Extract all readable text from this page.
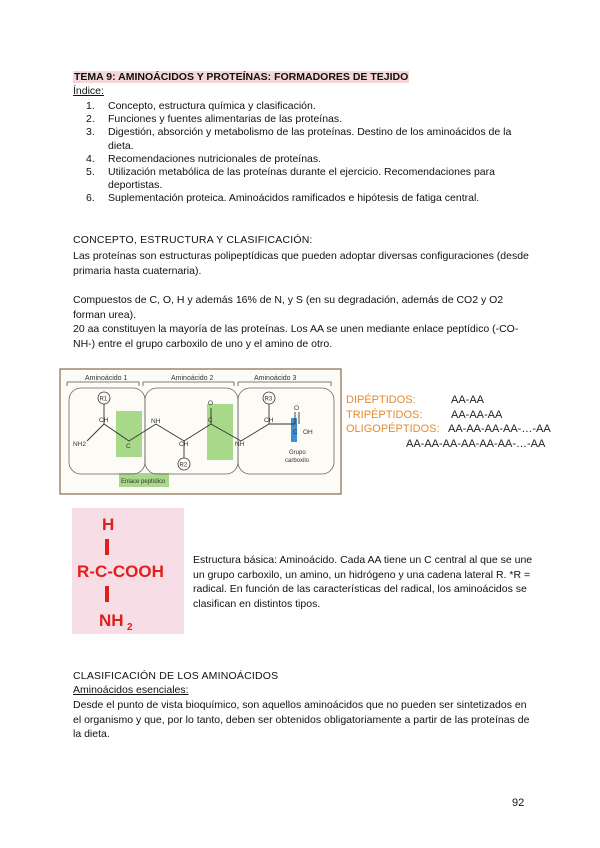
TEMA 9: AMINOÁCIDOS Y PROTEÍNAS: FORMADORES DE TEJIDO
Índice:
1.	Concepto, estructura química y clasificación.
2.	Funciones y fuentes alimentarias de las proteínas.
3.	Digestión, absorción y metabolismo de las proteínas. Destino de los aminoácidos de la dieta.
4.	Recomendaciones nutricionales de proteínas.
5.	Utilización metabólica de las proteínas durante el ejercicio. Recomendaciones para deportistas.
6.	Suplementación proteica. Aminoácidos ramificados e hipótesis de fatiga central.
CONCEPTO, ESTRUCTURA Y CLASIFICACIÓN:

Las proteínas son estructuras polipeptídicas que pueden adoptar diversas configuraciones (desde primaria hasta cuaternaria).

Compuestos de C, O, H y además 16% de N, y S (en su degradación, además de CO2 y O2 forman urea).

20 aa constituyen la mayoría de las proteínas. Los AA se unen mediante enlace peptídico (-CO-NH-) entre el grupo carboxilo de uno y el amino de otro.

Aminoácido 1	Aminoácido 2	Aminoácido 3
R1
R2
R3
NH2
CH
C
NH
CH
O
C
NH
CH
O
C OH
Grupo
carboxilo
Enlace peptídico
DIPÉPTIDOS:	AA-AA
TRIPÉPTIDOS:	AA-AA-AA
OLIGOPÉPTIDOS: AA-AA-AA-AA-…-AA
AA-AA-AA-AA-AA-AA-…-AA
H
R-C-COOH
NH 2

Estructura básica: Aminoácido. Cada AA tiene un C central al que se une un grupo carboxilo, un amino, un hidrógeno y una cadena lateral R. *R = radical. En función de las características del radical, los aminoácidos se clasifican en distintos tipos.

CLASIFICACIÓN DE LOS AMINOÁCIDOS
Aminoácidos esenciales:

Desde el punto de vista bioquímico, son aquellos aminoácidos que no pueden ser sintetizados en el organismo y que, por lo tanto, deben ser obtenidos obligatoriamente a partir de las proteínas de la dieta.

92
